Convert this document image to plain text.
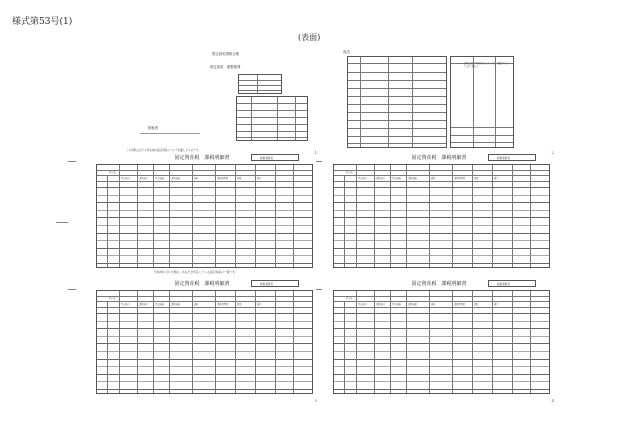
様式第53号(1)
(表面)
固定資産課税台帳
固定資産　縦覧帳簿
納税者
この用紙は以下の所在地の固定資産について記載したものです。
宛名
課税台帳に登録されたものは、縦覧することができます。
1
固定資産税　課税明細書	納税義務者
所在地
登記地目	課税地目	登記地積	課税地積	価格	課税標準額	税額	備考
令和6年1月1日現在。あなたが所有している固定資産の一覧です。
2
固定資産税　課税明細書	納税義務者
所在地
登記地目	課税地目	登記地積	課税地積	価格	課税標準額	税額	備考
3
固定資産税　課税明細書	納税義務者
所在地
登記地目	課税地目	登記地積	課税地積	価格	課税標準額	税額	備考
4
固定資産税　課税明細書	納税義務者
所在地
登記地目	課税地目	登記地積	課税地積	価格	課税標準額	税額	備考
